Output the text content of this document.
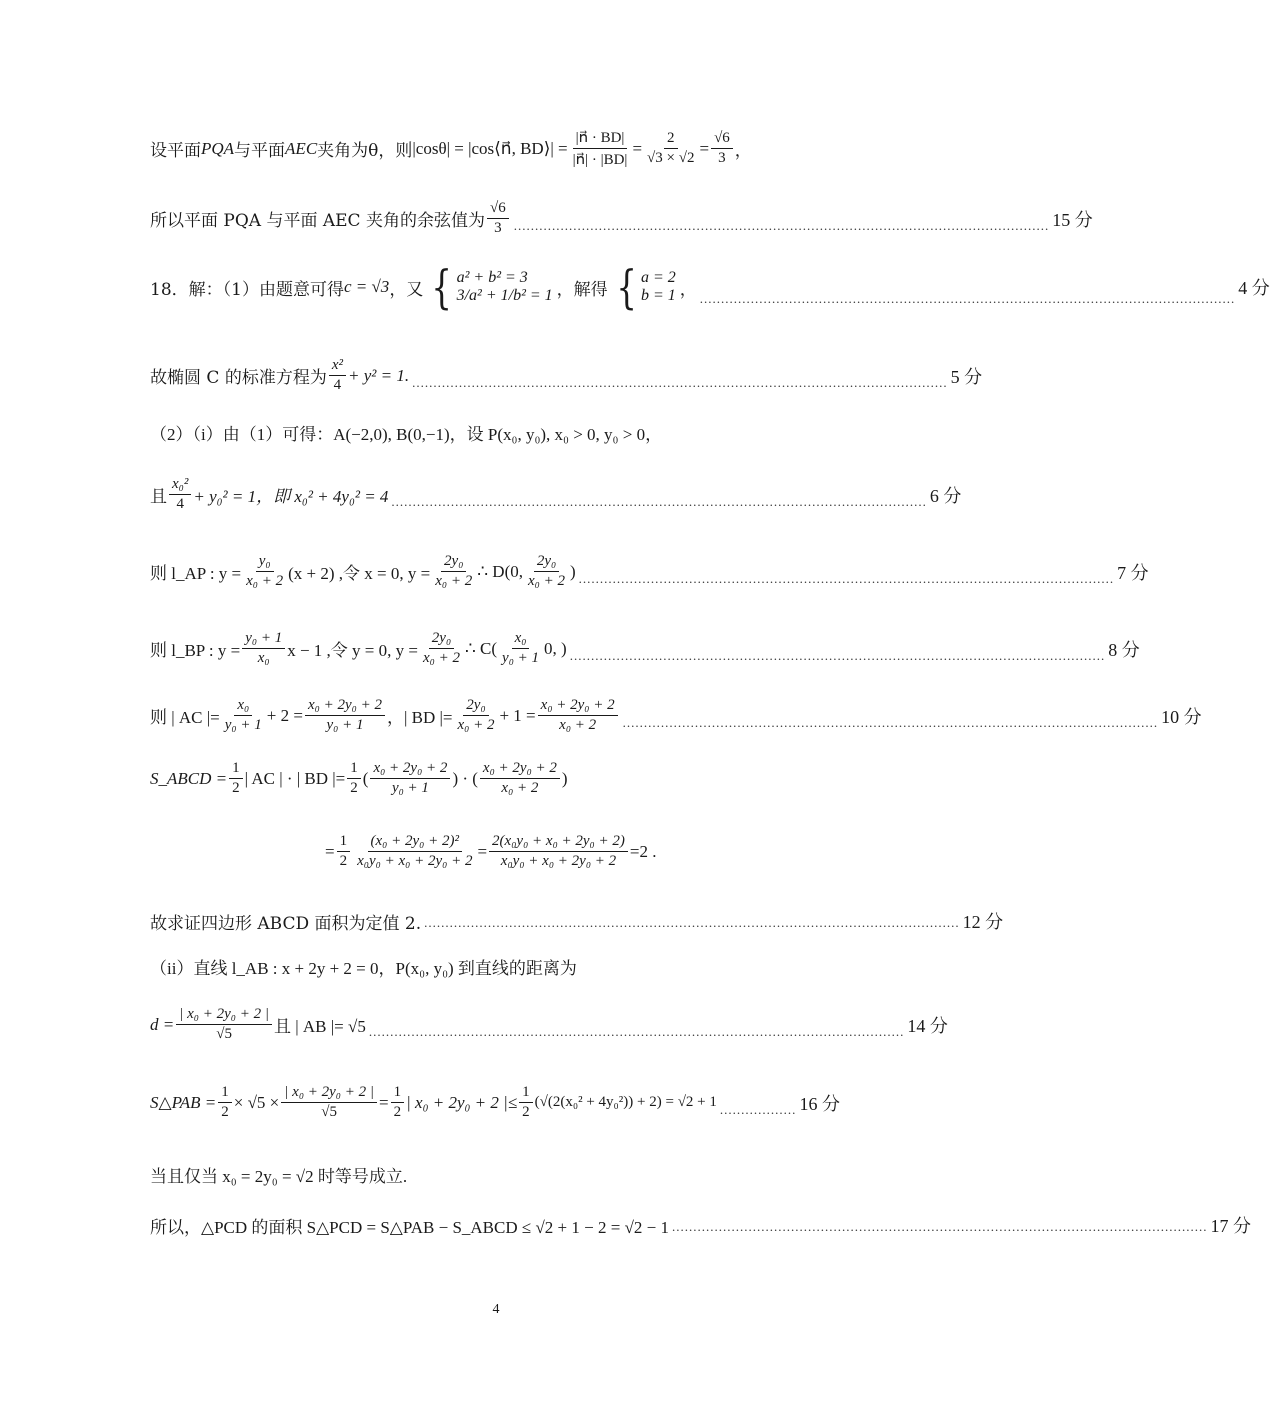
设平面 PQA 与平面 AEC 夹角为θ，则 |cosθ| = |cos⟨n⃗, BD⟩| = $\frac{|n⃗ \cdot BD|}{|n⃗| \cdot |BD|} = \frac{2}{√3 \times √2} = \frac{√6}{3}$ ，
所以平面 PQA 与平面 AEC 夹角的余弦值为
√6
3 .............................................................................................................................. 15 分
18．解：（1）由题意可得 c = √3 ，又 { a² + b² = 3
3/a² + 1/b² = 1 ，解得 { a = 2
b = 1 ， ..............................................................................................................................
4 分
故椭圆 C 的标准方程为
x²
4
+ y² = 1. .............................................................................................................................. 5 分
（2）（i）由（1）可得：A(−2,0), B(0,−1)，设 P(x₀, y₀), x₀ > 0, y₀ > 0，
且
x₀²
4 + y₀² = 1，即 x₀² + 4y₀² = 4 .............................................................................................................................. 6 分
则 l_AP : $y = \frac{\text{y₀}}{\text{x₀ + 2}} (x + 2)$ ,令 x = 0, $y = \frac{\text{2y₀}}{\text{x₀ + 2}}$ ∴ D(0,
2y₀
x₀ + 2
) .............................................................................................................................. 7 分
则 l_BP : $y = \frac{\text{y₀ + 1}}{\text{x₀}}$ x − 1 ,令 y = 0, $y = \frac{\text{2y₀}}{\text{x₀ + 2}}$ ∴ C(
x₀
y₀ + 1
0, ) .............................................................................................................................. 8 分
则 | AC |= $\frac{\text{x₀}}{\text{y₀ + 1}} + 2 = \frac{\text{x₀ + 2y₀ + 2}}{\text{y₀ + 1}}$ ，| BD |= $\frac{\text{2y₀}}{\text{x₀ + 2}} + 1 = \frac{\text{x₀ + 2y₀ + 2}}{\text{x₀ + 2}}$ .............................................................................................................................. 10 分
S_ABCD = $\frac{1}{2}$ | AC | · | BD |= $\frac{1}{2}$ (
x₀ + 2y₀ + 2
y₀ + 1
) · (
x₀ + 2y₀ + 2
x₀ + 2
)
= $\frac{1}{2} \frac{\text{(x₀ + 2y₀ + 2)²}}{\text{x₀y₀ + x₀ + 2y₀ + 2}} = \frac{\text{2(x₀y₀ + x₀ + 2y₀ + 2)}}{\text{x₀y₀ + x₀ + 2y₀ + 2}} =2$ .
故求证四边形 ABCD 面积为定值 2. .............................................................................................................................. 12 分
（ii）直线 l_AB : x + 2y + 2 = 0，P(x₀, y₀) 到直线的距离为
$d = \frac{\text{| x₀ + 2y₀ + 2 |}}{√5}$ 且 | AB |= √5 .............................................................................................................................. 14 分
S△PAB = $\frac{1}{2} \times √5 \times \frac{\text{| x₀ + 2y₀ + 2 |}}{√5} = \frac{1}{2}$ | x₀ + 2y₀ + 2 |≤ $\frac{1}{2} (√(2(x_0^2 + 4y_0^2)) + 2) = √2 + 1$ .................. 16 分
当且仅当 x₀ = 2y₀ = √2 时等号成立.
所以，△PCD 的面积 S△PCD = S△PAB − S_ABCD ≤ √2 + 1 − 2 = √2 − 1 .............................................................................................................................. 17 分
4
